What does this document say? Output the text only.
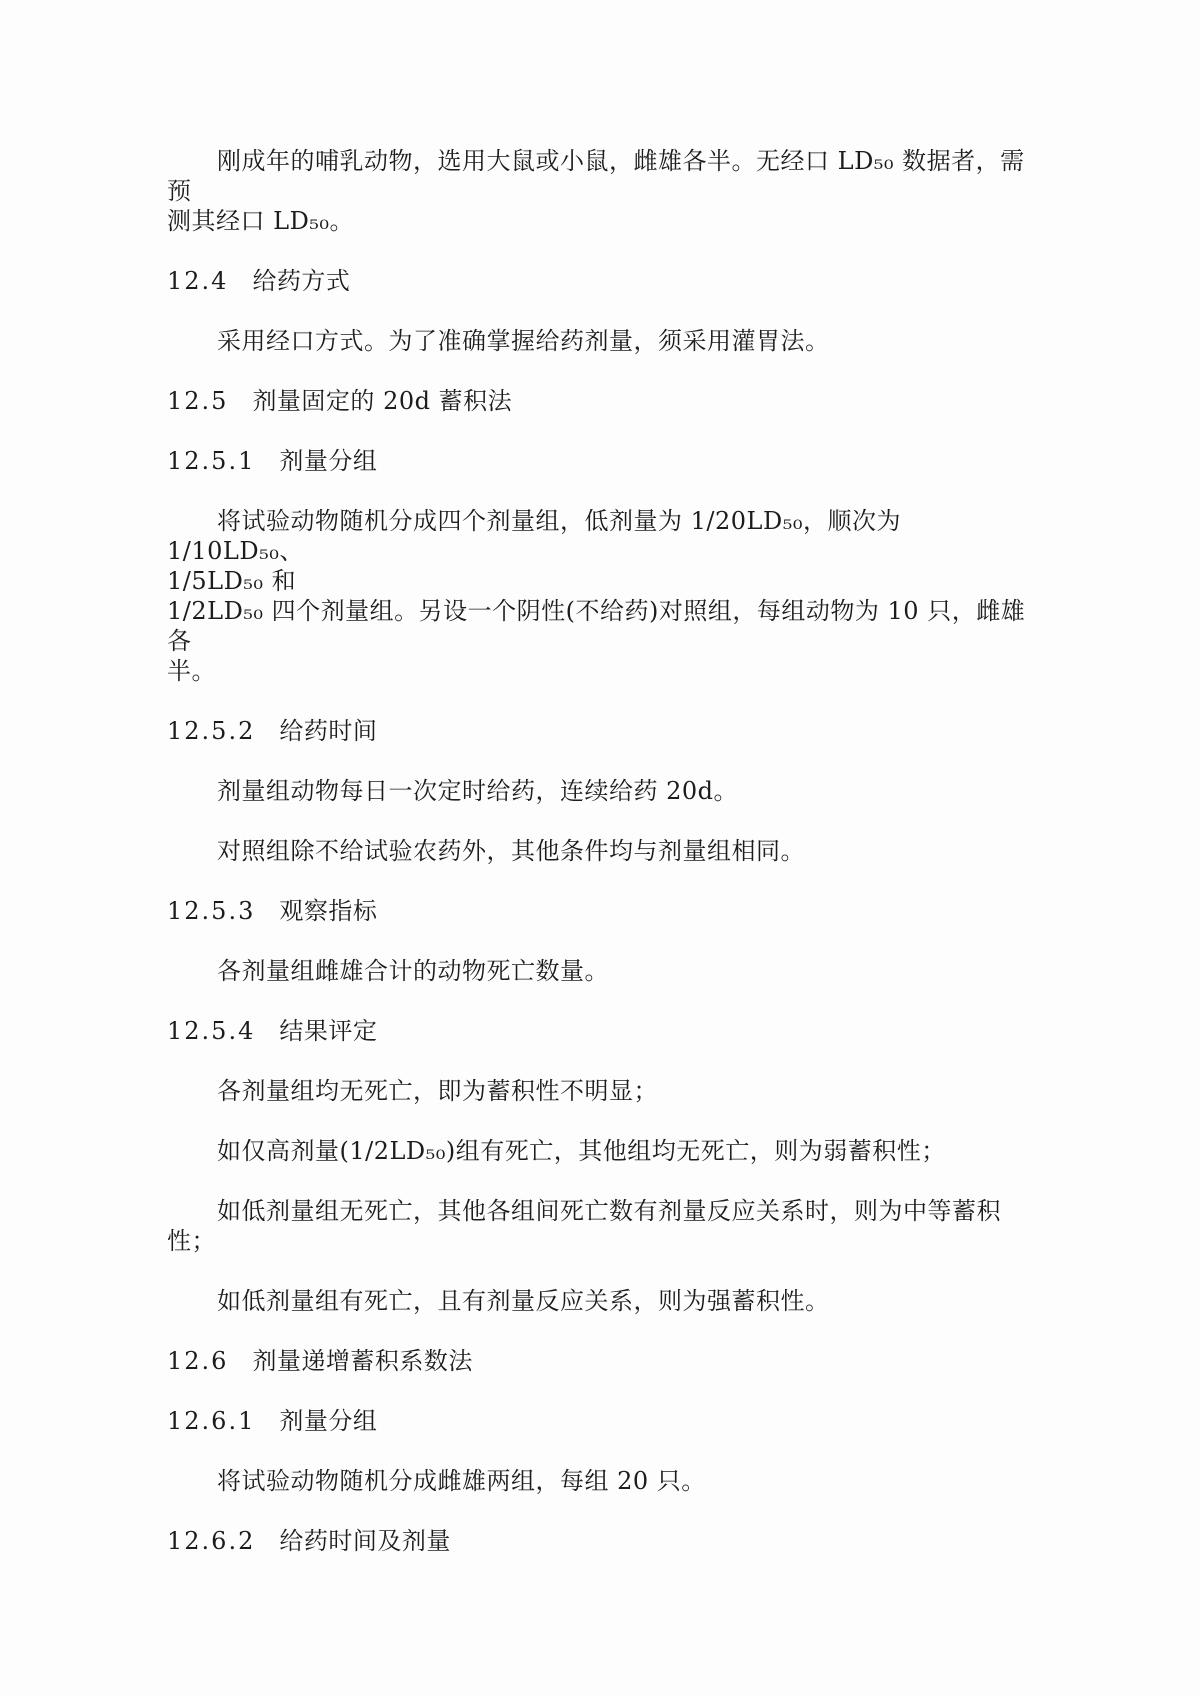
刚成年的哺乳动物，选用大鼠或小鼠，雌雄各半。无经口 LD₅₀ 数据者，需预
测其经口 LD₅₀。

12.4 给药方式

采用经口方式。为了准确掌握给药剂量，须采用灌胃法。

12.5 剂量固定的 20d 蓄积法
12.5.1 剂量分组

将试验动物随机分成四个剂量组，低剂量为 1/20LD₅₀，顺次为 1/10LD₅₀、
1/5LD₅₀ 和
1/2LD₅₀ 四个剂量组。另设一个阴性(不给药)对照组，每组动物为 10 只，雌雄各
半。

12.5.2 给药时间

剂量组动物每日一次定时给药，连续给药 20d。

对照组除不给试验农药外，其他条件均与剂量组相同。

12.5.3 观察指标

各剂量组雌雄合计的动物死亡数量。

12.5.4 结果评定

各剂量组均无死亡，即为蓄积性不明显；

如仅高剂量(1/2LD₅₀)组有死亡，其他组均无死亡，则为弱蓄积性；

如低剂量组无死亡，其他各组间死亡数有剂量反应关系时，则为中等蓄积性；

如低剂量组有死亡，且有剂量反应关系，则为强蓄积性。

12.6 剂量递增蓄积系数法
12.6.1 剂量分组

将试验动物随机分成雌雄两组，每组 20 只。

12.6.2 给药时间及剂量
